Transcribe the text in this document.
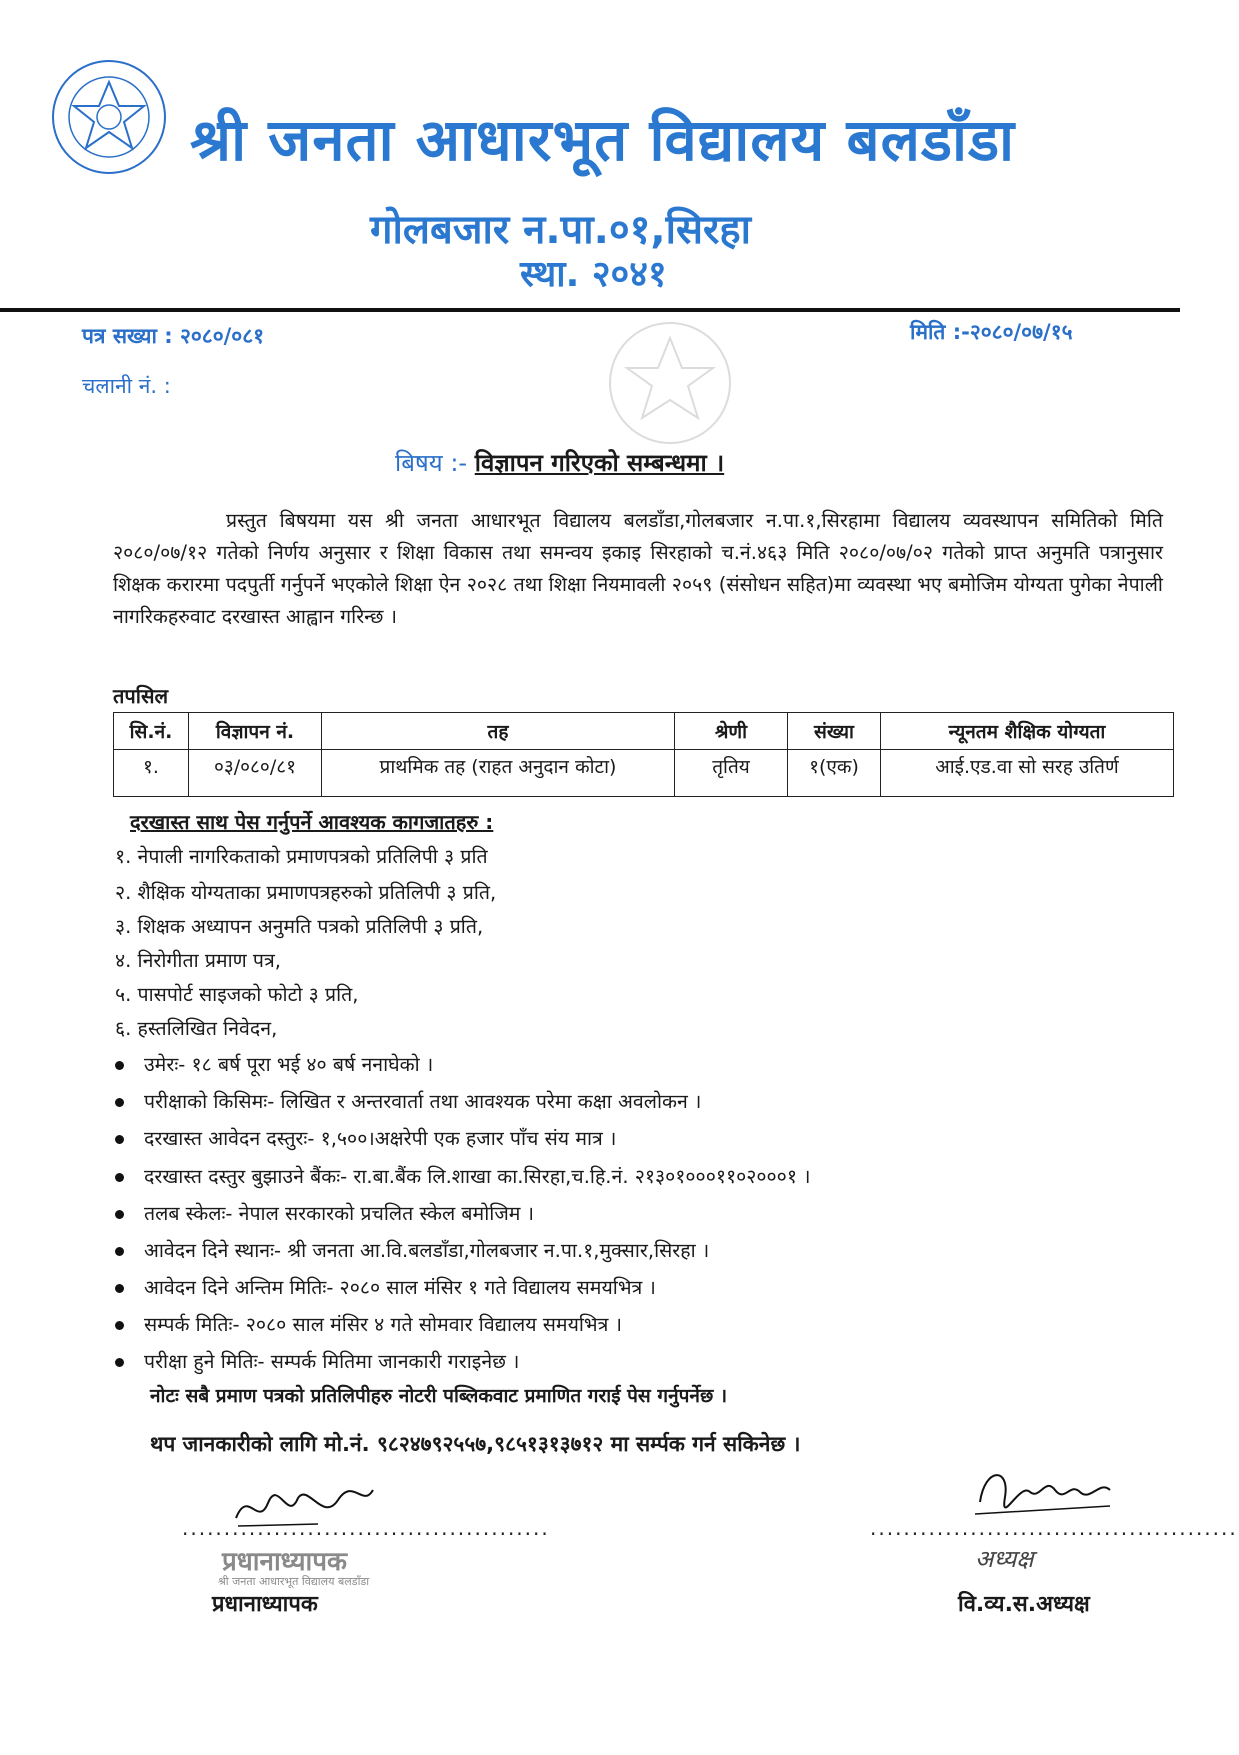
श्री जनता आधारभूत विद्यालय बलडाँडा
गोलबजार न.पा.०१,सिरहा
स्था. २०४१
पत्र सख्या : २०८०/०८१
चलानी नं. :
मिति :-२०८०/०७/१५
बिषय :- विज्ञापन गरिएको सम्बन्धमा ।
प्रस्तुत बिषयमा यस श्री जनता आधारभूत विद्यालय बलडाँडा,गोलबजार न.पा.१,सिरहामा विद्यालय व्यवस्थापन समितिको मिति २०८०/०७/१२ गतेको निर्णय अनुसार र शिक्षा विकास तथा समन्वय इकाइ सिरहाको च.नं.४६३ मिति २०८०/०७/०२ गतेको प्राप्त अनुमति पत्रानुसार शिक्षक करारमा पदपुर्ती गर्नुपर्ने भएकोले शिक्षा ऐन २०२८ तथा शिक्षा नियमावली २०५९ (संसोधन सहित)मा व्यवस्था भए बमोजिम योग्यता पुगेका नेपाली नागरिकहरुवाट दरखास्त आह्वान गरिन्छ ।
तपसिल
सि.नं.	विज्ञापन नं.	तह	श्रेणी	संख्या	न्यूनतम शैक्षिक योग्यता
१.	०३/०८०/८१	प्राथमिक तह (राहत अनुदान कोटा)	तृतिय	१(एक)	आई.एड.वा सो सरह उतिर्ण
दरखास्त साथ पेस गर्नुपर्ने आवश्यक कागजातहरु :
१. नेपाली नागरिकताको प्रमाणपत्रको प्रतिलिपी ३ प्रति
२. शैक्षिक योग्यताका प्रमाणपत्रहरुको प्रतिलिपी ३ प्रति,
३. शिक्षक अध्यापन अनुमति पत्रको प्रतिलिपी ३ प्रति,
४. निरोगीता प्रमाण पत्र,
५. पासपोर्ट साइजको फोटो ३ प्रति,
६. हस्तलिखित निवेदन,
उमेरः- १८ बर्ष पूरा भई ४० बर्ष ननाघेको ।
परीक्षाको किसिमः- लिखित र अन्तरवार्ता तथा आवश्यक परेमा कक्षा अवलोकन ।
दरखास्त आवेदन दस्तुरः- १,५००।अक्षरेपी एक हजार पाँच संय मात्र ।
दरखास्त दस्तुर बुझाउने बैंकः- रा.बा.बैंक लि.शाखा का.सिरहा,च.हि.नं. २१३०१०००११०२०००१ ।
तलब स्केलः- नेपाल सरकारको प्रचलित स्केल बमोजिम ।
आवेदन दिने स्थानः- श्री जनता आ.वि.बलडाँडा,गोलबजार न.पा.१,मुक्सार,सिरहा ।
आवेदन दिने अन्तिम मितिः- २०८० साल मंसिर १ गते विद्यालय समयभित्र ।
सम्पर्क मितिः- २०८० साल मंसिर ४ गते सोमवार विद्यालय समयभित्र ।
परीक्षा हुने मितिः- सम्पर्क मितिमा जानकारी गराइनेछ ।
नोटः सबै प्रमाण पत्रको प्रतिलिपीहरु नोटरी पब्लिकवाट प्रमाणित गराई पेस गर्नुपर्नेछ ।
थप जानकारीको लागि मो.नं. ९८२४७९२५५७,९८५१३१३७१२ मा सर्म्पक गर्न सकिनेछ ।
............................................
प्रधानाध्यापक
श्री जनता आधारभूत विद्यालय बलडाँडा
प्रधानाध्यापक
............................................
अध्यक्ष
वि.व्य.स.अध्यक्ष
